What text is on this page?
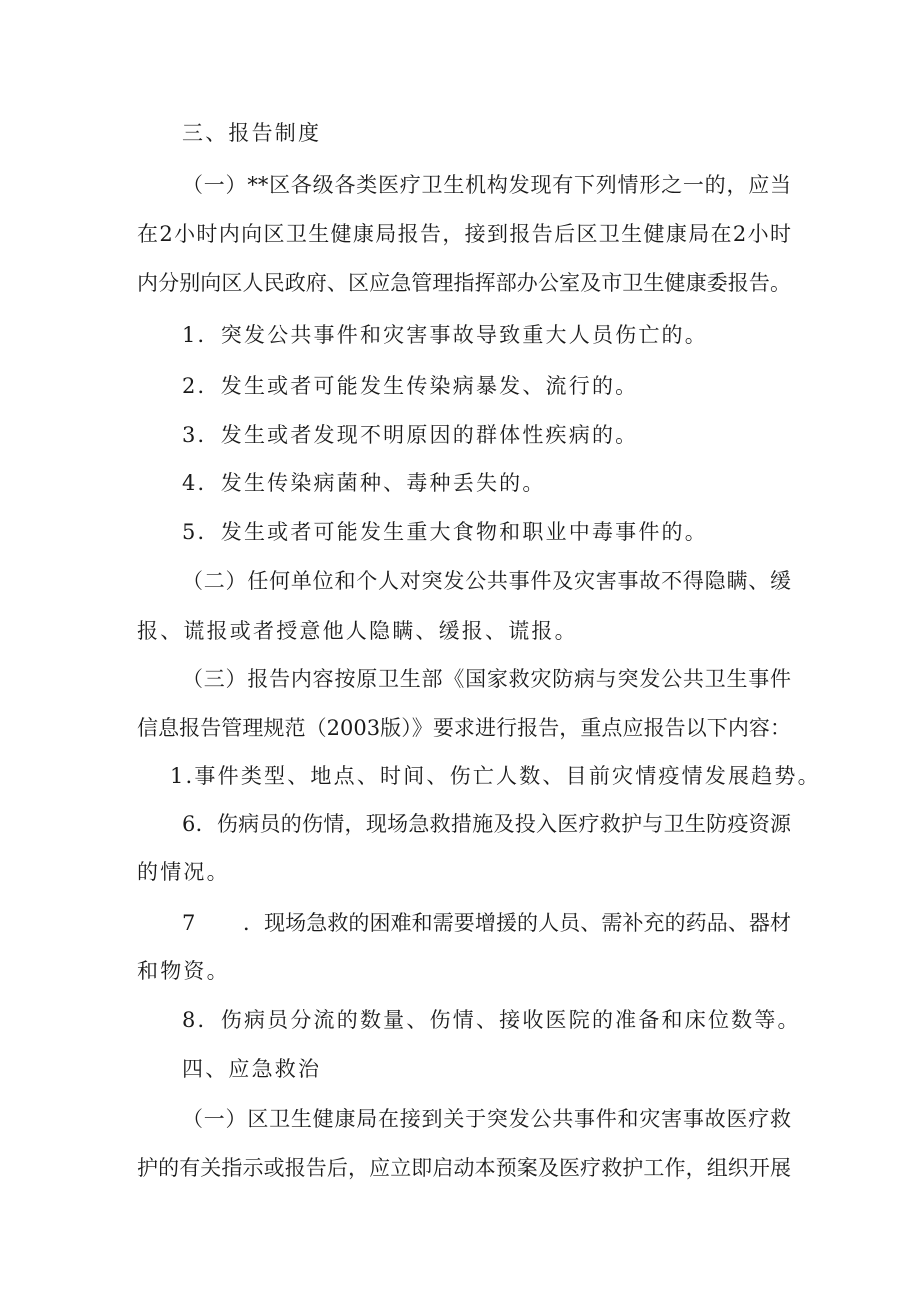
三、报告制度

（一）**区各级各类医疗卫生机构发现有下列情形之一的，应当

在2小时内向区卫生健康局报告，接到报告后区卫生健康局在2小时

内分别向区人民政府、区应急管理指挥部办公室及市卫生健康委报告。

1．突发公共事件和灾害事故导致重大人员伤亡的。

2．发生或者可能发生传染病暴发、流行的。

3．发生或者发现不明原因的群体性疾病的。

4．发生传染病菌种、毒种丢失的。

5．发生或者可能发生重大食物和职业中毒事件的。

（二）任何单位和个人对突发公共事件及灾害事故不得隐瞒、缓

报、谎报或者授意他人隐瞒、缓报、谎报。

（三）报告内容按原卫生部《国家救灾防病与突发公共卫生事件

信息报告管理规范（2003版）》要求进行报告，重点应报告以下内容：

1.事件类型、地点、时间、伤亡人数、目前灾情疫情发展趋势。

6．伤病员的伤情，现场急救措施及投入医疗救护与卫生防疫资源

的情况。

7 ．现场急救的困难和需要增援的人员、需补充的药品、器材

和物资。

8．伤病员分流的数量、伤情、接收医院的准备和床位数等。

四、应急救治

（一）区卫生健康局在接到关于突发公共事件和灾害事故医疗救

护的有关指示或报告后，应立即启动本预案及医疗救护工作，组织开展
